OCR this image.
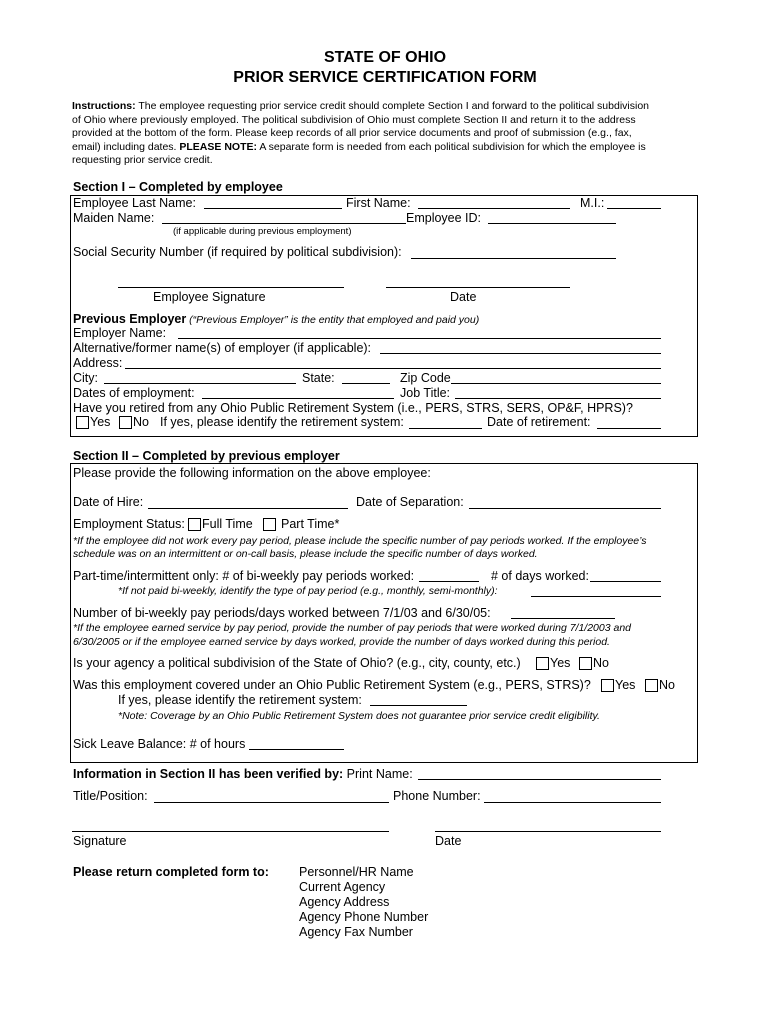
STATE OF OHIO
PRIOR SERVICE CERTIFICATION FORM
Instructions: The employee requesting prior service credit should complete Section I and forward to the political subdivision
of Ohio where previously employed. The political subdivision of Ohio must complete Section II and return it to the address
provided at the bottom of the form. Please keep records of all prior service documents and proof of submission (e.g., fax,
email) including dates. PLEASE NOTE: A separate form is needed from each political subdivision for which the employee is
requesting prior service credit.
Section I – Completed by employee
Employee Last Name:	First Name:	M.I.:
Maiden Name:	Employee ID:
(if applicable during previous employment)
Social Security Number (if required by political subdivision):
Employee Signature	Date
Previous Employer (“Previous Employer” is the entity that employed and paid you)
Employer Name:
Alternative/former name(s) of employer (if applicable):
Address:
City:	State:	Zip Code
Dates of employment:	Job Title:
Have you retired from any Ohio Public Retirement System (i.e., PERS, STRS, SERS, OP&F, HPRS)?
Yes No If yes, please identify the retirement system:	Date of retirement:
Section II – Completed by previous employer
Please provide the following information on the above employee:
Date of Hire:	Date of Separation:
Employment Status: Full Time Part Time*
*If the employee did not work every pay period, please include the specific number of pay periods worked. If the employee’s
schedule was on an intermittent or on-call basis, please include the specific number of days worked.
Part-time/intermittent only: # of bi-weekly pay periods worked:	# of days worked:
*If not paid bi-weekly, identify the type of pay period (e.g., monthly, semi-monthly):
Number of bi-weekly pay periods/days worked between 7/1/03 and 6/30/05:
*If the employee earned service by pay period, provide the number of pay periods that were worked during 7/1/2003 and
6/30/2005 or if the employee earned service by days worked, provide the number of days worked during this period.
Is your agency a political subdivision of the State of Ohio? (e.g., city, county, etc.) Yes No
Was this employment covered under an Ohio Public Retirement System (e.g., PERS, STRS)? Yes No
If yes, please identify the retirement system:
*Note: Coverage by an Ohio Public Retirement System does not guarantee prior service credit eligibility.
Sick Leave Balance: # of hours
Information in Section II has been verified by: Print Name:
Title/Position:	Phone Number:
Signature	Date
Please return completed form to: Personnel/HR Name
Current Agency
Agency Address
Agency Phone Number
Agency Fax Number
